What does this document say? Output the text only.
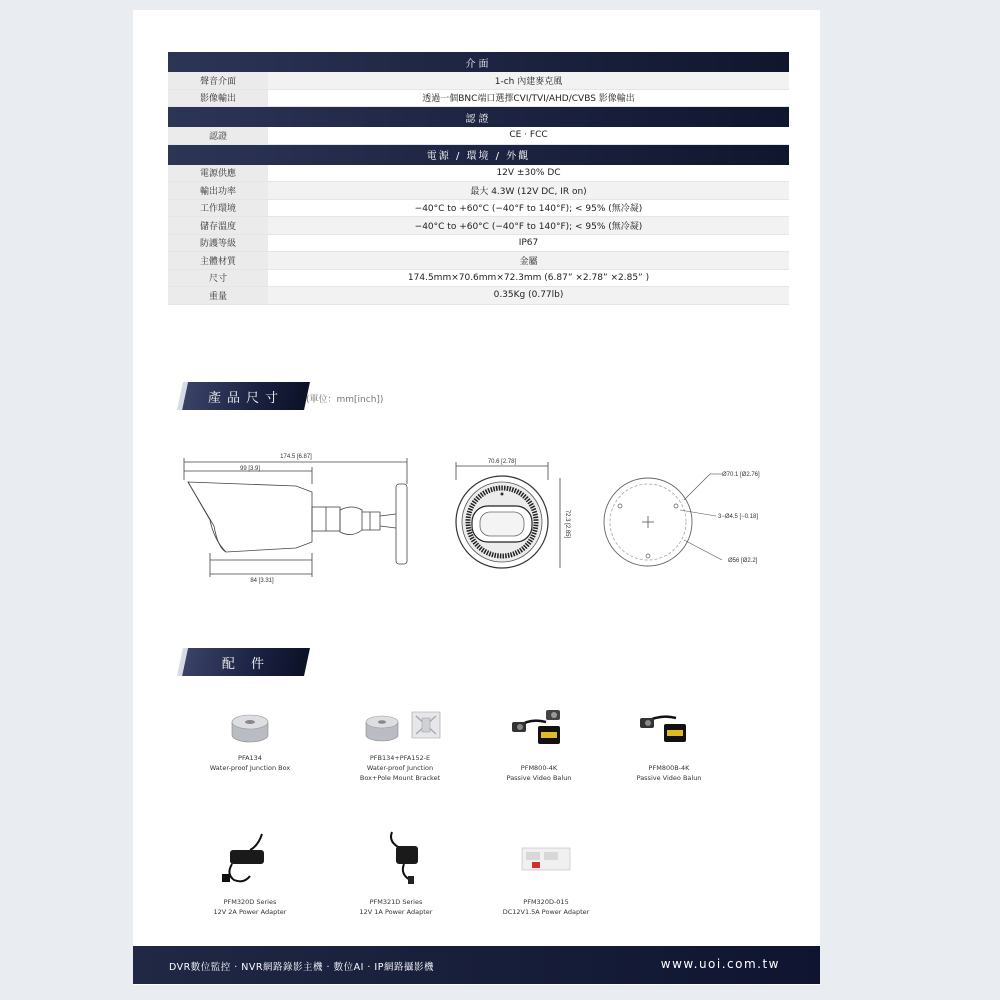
介面	
聲音介面	1-ch 內建麥克風
影像輸出	透過一個BNC端口選擇CVI/TVI/AHD/CVBS 影像輸出
認證	
認證	CE · FCC
電源 / 環境 / 外觀	
電源供應	12V ±30% DC
輸出功率	最大 4.3W (12V DC, IR on)
工作環境	−40°C to +60°C (−40°F to 140°F); < 95% (無冷凝)
儲存溫度	−40°C to +60°C (−40°F to 140°F); < 95% (無冷凝)
防護等級	IP67
主體材質	金屬
尺寸	174.5mm×70.6mm×72.3mm (6.87” ×2.78” ×2.85” )
重量	0.35Kg (0.77lb)
產品尺寸	(單位：mm[inch])
174.5 [6.87]
99 [3.9]
84 [3.31]
70.6 [2.78]
72.3 [2.85]
Ø70.1 [Ø2.76]
3−Ø4.5 [−0.18]
Ø56 [Ø2.2]
配 件
PFA134
Water-proof Junction Box
PFB134+PFA152-E
Water-proof Junction
Box+Pole Mount Bracket
PFM800-4K
Passive Video Balun
PFM800B-4K
Passive Video Balun
PFM320D Series
12V 2A Power Adapter
PFM321D Series
12V 1A Power Adapter
PFM320D-015
DC12V1.5A Power Adapter
DVR數位監控 · NVR網路錄影主機 · 數位AI · IP網路攝影機	www.uoi.com.tw
